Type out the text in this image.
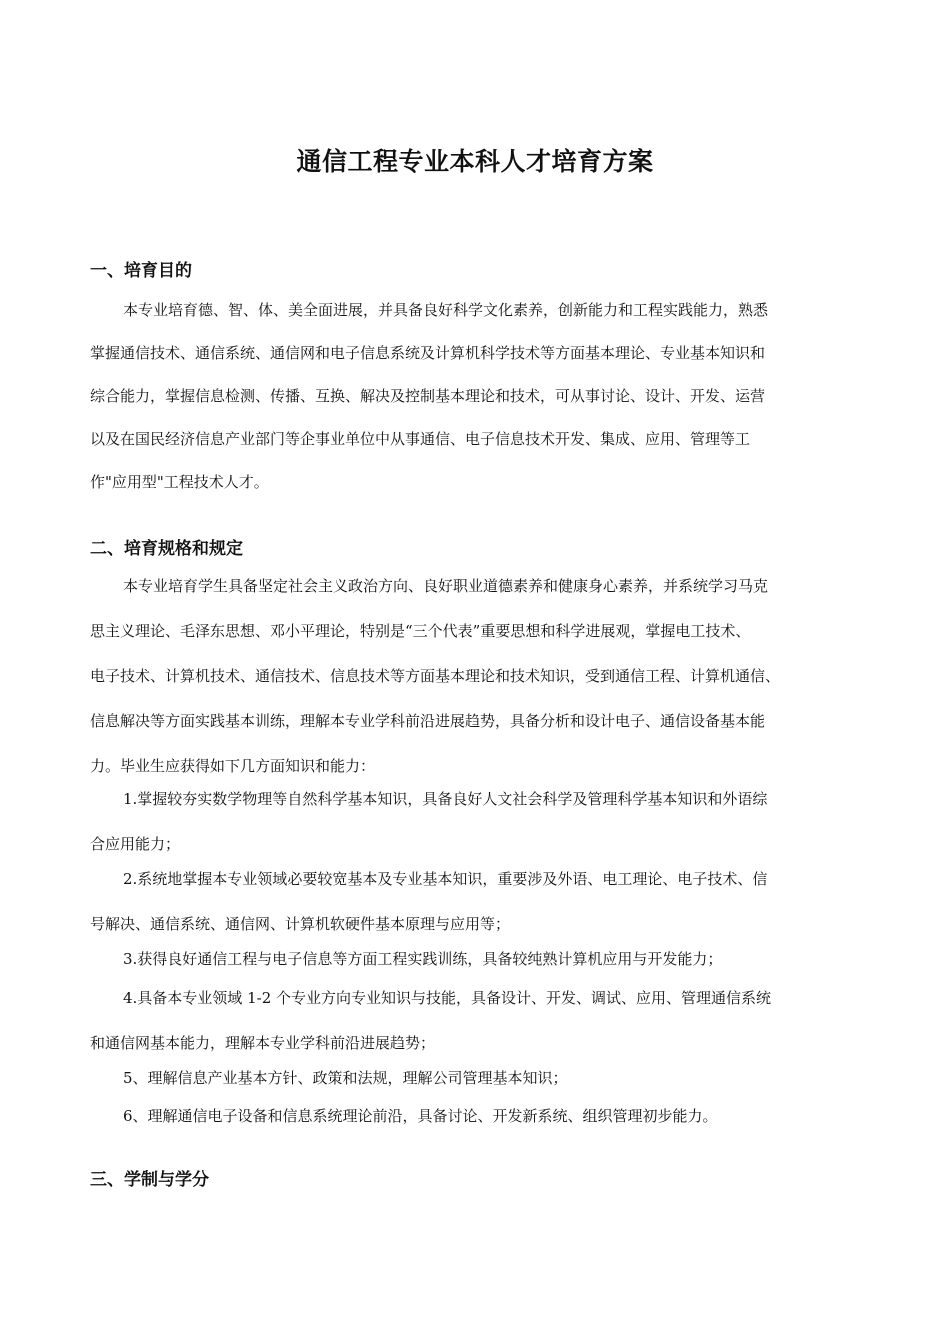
通信工程专业本科人才培育方案
一、培育目的
本专业培育德、智、体、美全面进展，并具备良好科学文化素养，创新能力和工程实践能力，熟悉
掌握通信技术、通信系统、通信网和电子信息系统及计算机科学技术等方面基本理论、专业基本知识和
综合能力，掌握信息检测、传播、互换、解决及控制基本理论和技术，可从事讨论、设计、开发、运营
以及在国民经济信息产业部门等企事业单位中从事通信、电子信息技术开发、集成、应用、管理等工
作"应用型"工程技术人才。
二、培育规格和规定
本专业培育学生具备坚定社会主义政治方向、良好职业道德素养和健康身心素养，并系统学习马克
思主义理论、毛泽东思想、邓小平理论，特别是“三个代表”重要思想和科学进展观，掌握电工技术、
电子技术、计算机技术、通信技术、信息技术等方面基本理论和技术知识，受到通信工程、计算机通信、
信息解决等方面实践基本训练，理解本专业学科前沿进展趋势，具备分析和设计电子、通信设备基本能
力。毕业生应获得如下几方面知识和能力：
1.掌握较夯实数学物理等自然科学基本知识，具备良好人文社会科学及管理科学基本知识和外语综
合应用能力；
2.系统地掌握本专业领域必要较宽基本及专业基本知识，重要涉及外语、电工理论、电子技术、信
号解决、通信系统、通信网、计算机软硬件基本原理与应用等；
3.获得良好通信工程与电子信息等方面工程实践训练，具备较纯熟计算机应用与开发能力；
4.具备本专业领域 1-2 个专业方向专业知识与技能，具备设计、开发、调试、应用、管理通信系统
和通信网基本能力，理解本专业学科前沿进展趋势；
5、理解信息产业基本方针、政策和法规，理解公司管理基本知识；
6、理解通信电子设备和信息系统理论前沿，具备讨论、开发新系统、组织管理初步能力。
三、学制与学分
